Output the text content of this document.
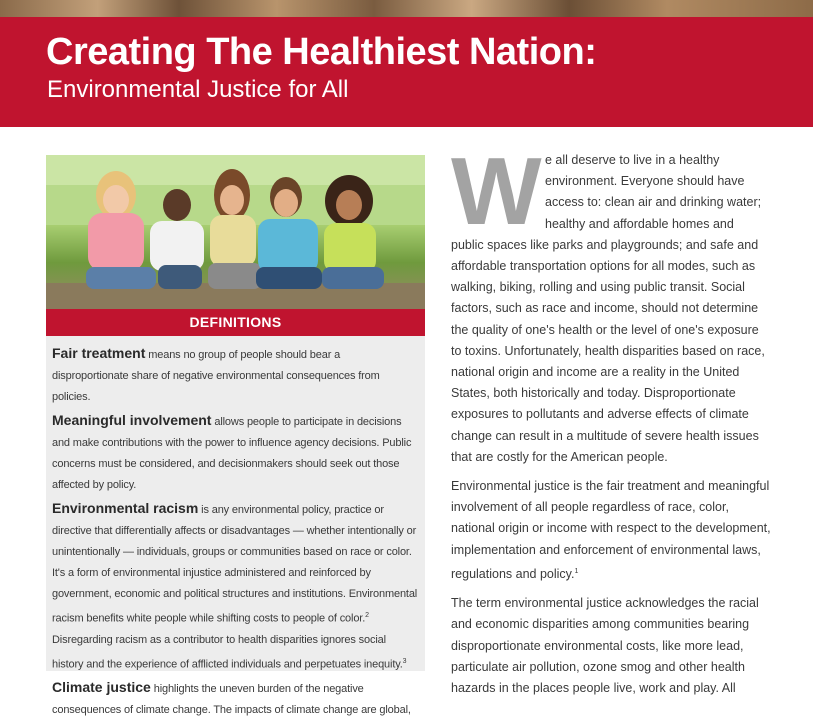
Creating The Healthiest Nation:
Environmental Justice for All
DEFINITIONS

Fair treatment means no group of people should bear a disproportionate share of negative environmental consequences from policies.

Meaningful involvement allows people to participate in decisions and make contributions with the power to influence agency decisions. Public concerns must be considered, and decisionmakers should seek out those affected by policy.

Environmental racism is any environmental policy, practice or directive that differentially affects or disadvantages — whether intentionally or unintentionally — individuals, groups or communities based on race or color. It's a form of environmental injustice administered and reinforced by government, economic and political structures and institutions. Environmental racism benefits white people while shifting costs to people of color.$^2$ Disregarding racism as a contributor to health disparities ignores social history and the experience of afflicted individuals and perpetuates inequity.$^3$

Climate justice highlights the uneven burden of the negative consequences of climate change. The impacts of climate change are global,

W e all deserve to live in a healthy
environment. Everyone should have
access to: clean air and drinking water;
healthy and affordable homes and
public spaces like parks and playgrounds; and safe and affordable transportation options for all modes, such as walking, biking, rolling and using public transit. Social factors, such as race and income, should not determine the quality of one's health or the level of one's exposure to toxins. Unfortunately, health disparities based on race, national origin and income are a reality in the United States, both historically and today. Disproportionate exposures to pollutants and adverse effects of climate change can result in a multitude of severe health issues that are costly for the American people.

Environmental justice is the fair treatment and meaningful involvement of all people regardless of race, color, national origin or income with respect to the development, implementation and enforcement of environmental laws, regulations and policy.$^1$

The term environmental justice acknowledges the racial and economic disparities among communities bearing disproportionate environmental costs, like more lead, particulate air pollution, ozone smog and other health hazards in the places people live, work and play. All
